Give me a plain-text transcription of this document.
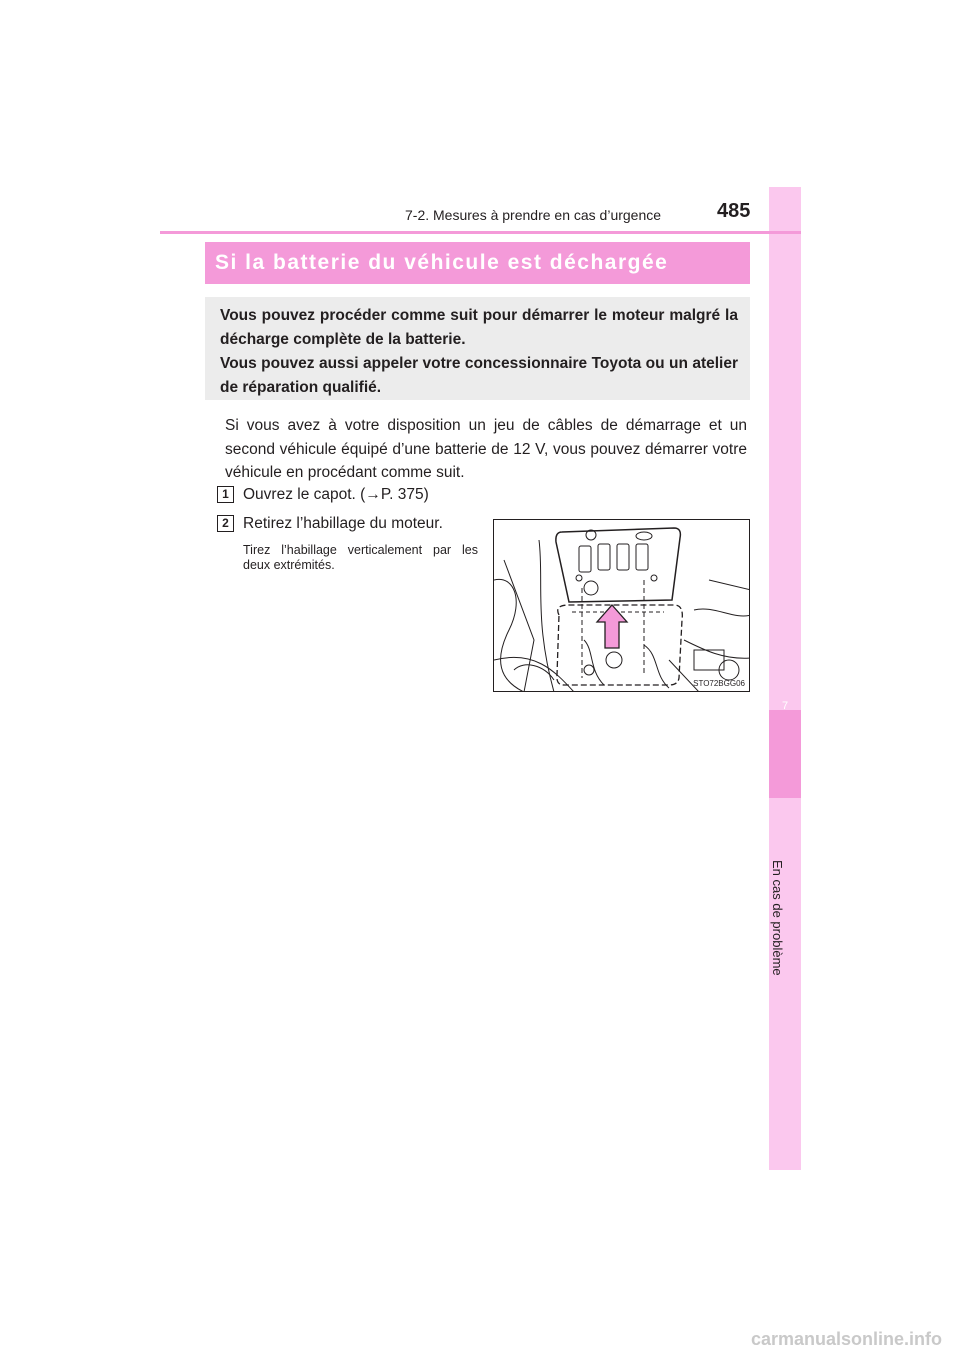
7
En cas de problème
7-2. Mesures à prendre en cas d’urgence	485
Si la batterie du véhicule est déchargée

Vous pouvez procéder comme suit pour démarrer le moteur malgré la décharge complète de la batterie.

Vous pouvez aussi appeler votre concessionnaire Toyota ou un atelier de réparation qualifié.

Si vous avez à votre disposition un jeu de câbles de démarrage et un second véhicule équipé d’une batterie de 12 V, vous pouvez démarrer votre véhicule en procédant comme suit.
1 Ouvrez le capot. (→P. 375)
2 Retirez l’habillage du moteur.
Tirez l’habillage verticalement par les deux extrémités.
STO72BGG06
carmanualsonline.info
